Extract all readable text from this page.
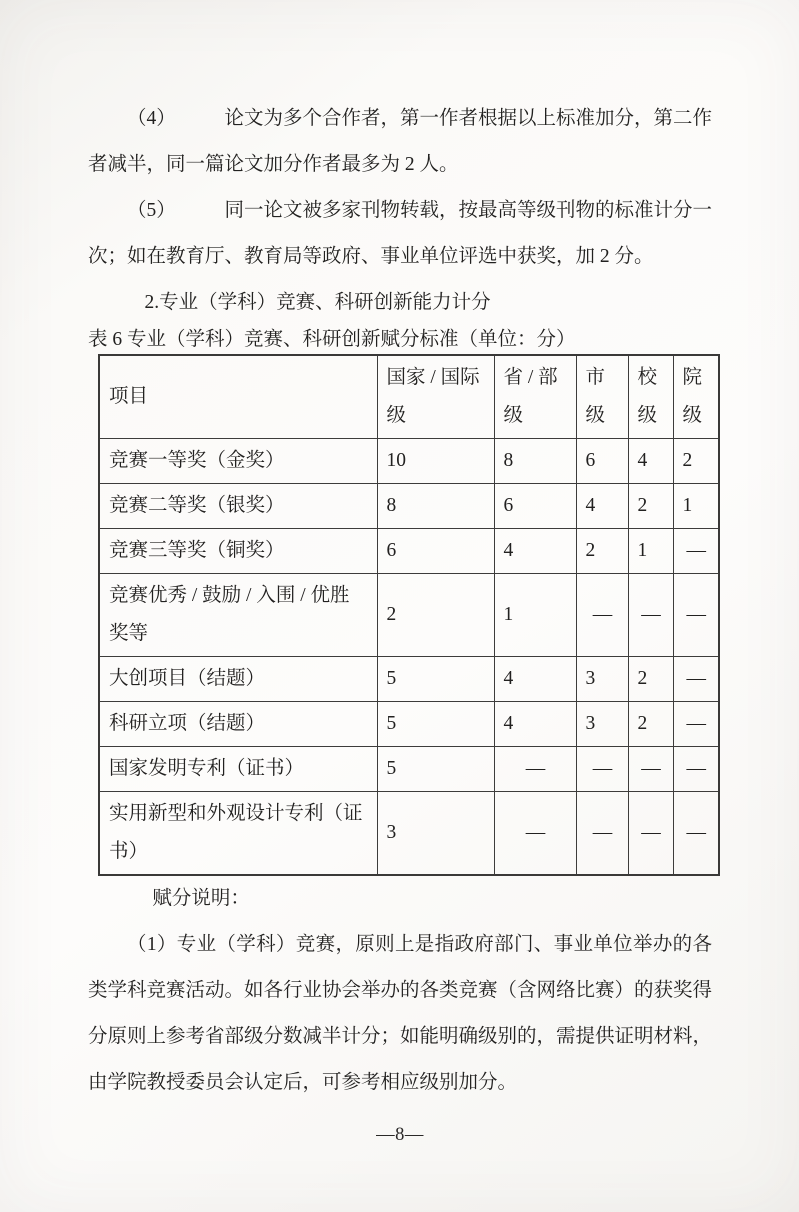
（4）　　　论文为多个合作者，第一作者根据以上标准加分，第二作者减半，同一篇论文加分作者最多为 2 人。

（5）　　　同一论文被多家刊物转载，按最高等级刊物的标准计分一次；如在教育厅、教育局等政府、事业单位评选中获奖，加 2 分。

2.专业（学科）竞赛、科研创新能力计分

表 6 专业（学科）竞赛、科研创新赋分标准（单位：分）

项目	国家 / 国际级	省 / 部级	市级	校级	院级
竞赛一等奖（金奖）	10	8	6	4	2
竞赛二等奖（银奖）	8	6	4	2	1
竞赛三等奖（铜奖）	6	4	2	1	—
竞赛优秀 / 鼓励 / 入围 / 优胜奖等	2	1	—	—	—
大创项目（结题）	5	4	3	2	—
科研立项（结题）	5	4	3	2	—
国家发明专利（证书）	5	—	—	—	—
实用新型和外观设计专利（证书）	3	—	—	—	—

赋分说明：

（1）专业（学科）竞赛，原则上是指政府部门、事业单位举办的各类学科竞赛活动。如各行业协会举办的各类竞赛（含网络比赛）的获奖得分原则上参考省部级分数减半计分；如能明确级别的，需提供证明材料，由学院教授委员会认定后，可参考相应级别加分。

—8—
